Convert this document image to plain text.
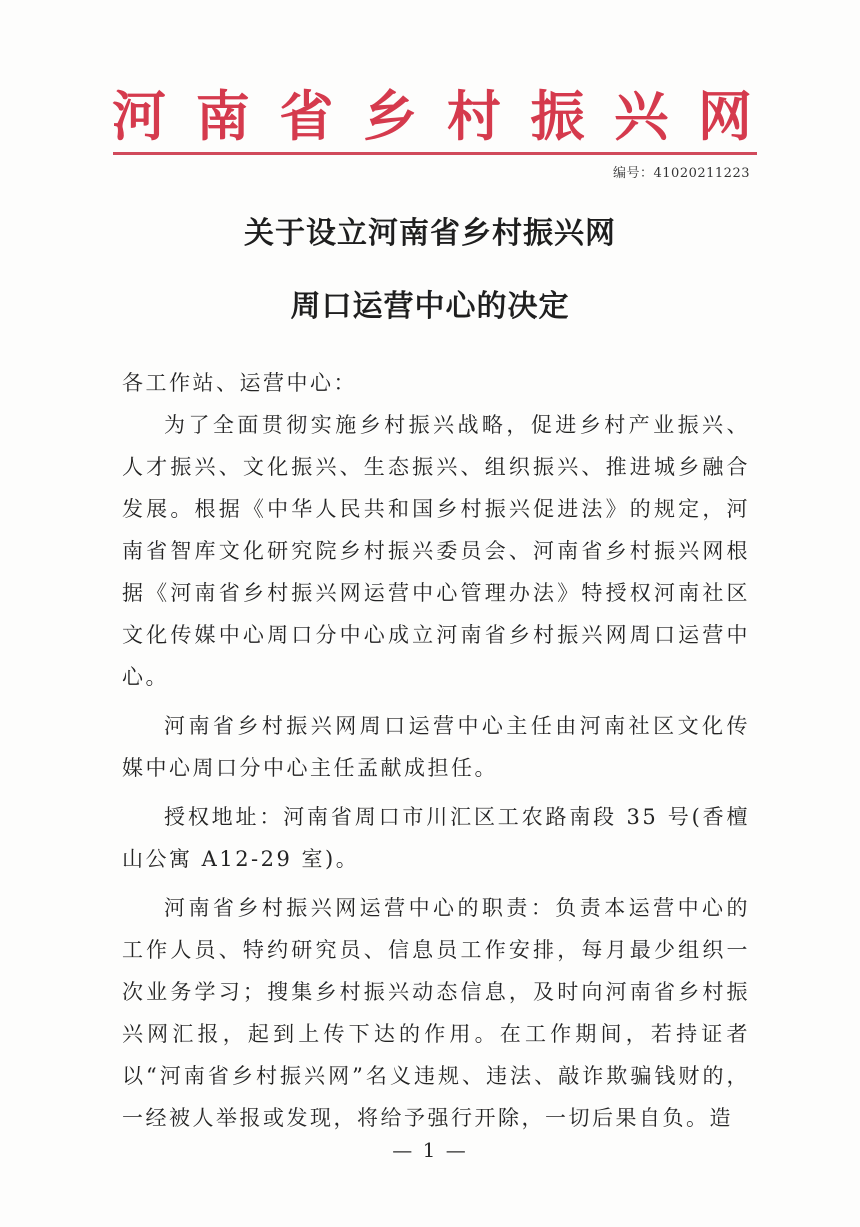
河 南 省 乡 村 振 兴 网
编号：41020211223
关于设立河南省乡村振兴网
周口运营中心的决定

各工作站、运营中心：

为了全面贯彻实施乡村振兴战略，促进乡村产业振兴、人才振兴、文化振兴、生态振兴、组织振兴、推进城乡融合发展。根据《中华人民共和国乡村振兴促进法》的规定，河南省智库文化研究院乡村振兴委员会、河南省乡村振兴网根据《河南省乡村振兴网运营中心管理办法》特授权河南社区文化传媒中心周口分中心成立河南省乡村振兴网周口运营中心。

河南省乡村振兴网周口运营中心主任由河南社区文化传媒中心周口分中心主任孟献成担任。

授权地址：河南省周口市川汇区工农路南段 35 号(香檀山公寓 A12-29 室)。

河南省乡村振兴网运营中心的职责：负责本运营中心的工作人员、特约研究员、信息员工作安排，每月最少组织一次业务学习；搜集乡村振兴动态信息，及时向河南省乡村振兴网汇报，起到上传下达的作用。在工作期间，若持证者以“河南省乡村振兴网”名义违规、违法、敲诈欺骗钱财的，一经被人举报或发现，将给予强行开除，一切后果自负。造

— 1 —
